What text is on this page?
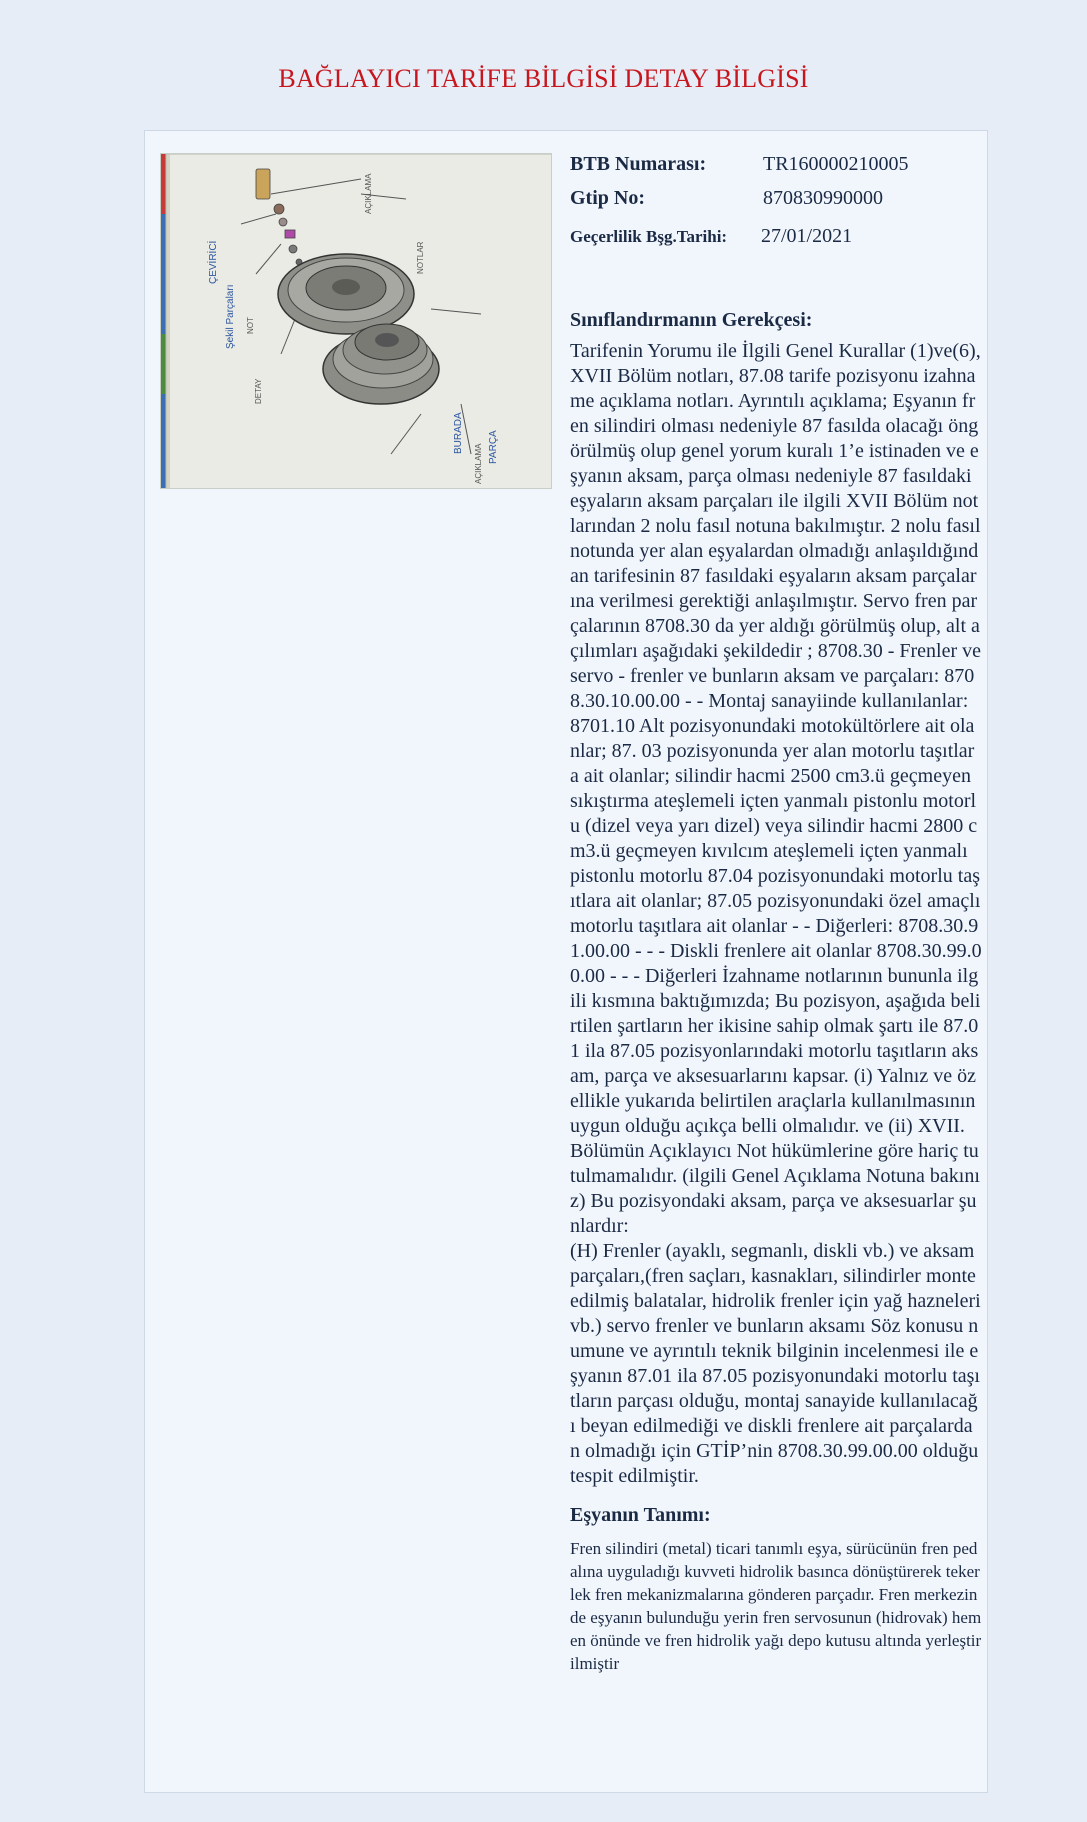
BAĞLAYICI TARİFE BİLGİSİ DETAY BİLGİSİ
ÇEVİRİCİ
Şekil Parçaları
BURADA PARÇA
AÇIKLAMA
NOT
DETAY
NOTLAR
AÇIKLAMA
BTB Numarası:	TR160000210005
Gtip No:	870830990000
Geçerlilik Bşg.Tarihi: 27/01/2021
Sınıflandırmanın Gerekçesi:
Tarifenin Yorumu ile İlgili Genel Kurallar (1)ve(6), XVII Bölüm notları, 87.08 tarife pozisyonu izahname açıklama notları. Ayrıntılı açıklama; Eşyanın fren silindiri olması nedeniyle 87 fasılda olacağı öngörülmüş olup genel yorum kuralı 1’e istinaden ve eşyanın aksam, parça olması nedeniyle 87 fasıldaki eşyaların aksam parçaları ile ilgili XVII Bölüm notlarından 2 nolu fasıl notuna bakılmıştır. 2 nolu fasıl notunda yer alan eşyalardan olmadığı anlaşıldığından tarifesinin 87 fasıldaki eşyaların aksam parçalarına verilmesi gerektiği anlaşılmıştır. Servo fren parçalarının 8708.30 da yer aldığı görülmüş olup, alt açılımları aşağıdaki şekildedir ; 8708.30 - Frenler ve servo - frenler ve bunların aksam ve parçaları: 8708.30.10.00.00 - - Montaj sanayiinde kullanılanlar: 8701.10 Alt pozisyonundaki motokültörlere ait olanlar; 87. 03 pozisyonunda yer alan motorlu taşıtlara ait olanlar; silindir hacmi 2500 cm3.ü geçmeyen sıkıştırma ateşlemeli içten yanmalı pistonlu motorlu (dizel veya yarı dizel) veya silindir hacmi 2800 cm3.ü geçmeyen kıvılcım ateşlemeli içten yanmalı pistonlu motorlu 87.04 pozisyonundaki motorlu taşıtlara ait olanlar; 87.05 pozisyonundaki özel amaçlı motorlu taşıtlara ait olanlar - - Diğerleri: 8708.30.91.00.00 - - - Diskli frenlere ait olanlar 8708.30.99.00.00 - - - Diğerleri İzahname notlarının bununla ilgili kısmına baktığımızda; Bu pozisyon, aşağıda belirtilen şartların her ikisine sahip olmak şartı ile 87.01 ila 87.05 pozisyonlarındaki motorlu taşıtların aksam, parça ve aksesuarlarını kapsar. (i) Yalnız ve özellikle yukarıda belirtilen araçlarla kullanılmasının uygun olduğu açıkça belli olmalıdır. ve (ii) XVII. Bölümün Açıklayıcı Not hükümlerine göre hariç tutulmamalıdır. (ilgili Genel Açıklama Notuna bakınız) Bu pozisyondaki aksam, parça ve aksesuarlar şunlardır:
(H) Frenler (ayaklı, segmanlı, diskli vb.) ve aksam parçaları,(fren saçları, kasnakları, silindirler monte edilmiş balatalar, hidrolik frenler için yağ hazneleri vb.) servo frenler ve bunların aksamı Söz konusu numune ve ayrıntılı teknik bilginin incelenmesi ile eşyanın 87.01 ila 87.05 pozisyonundaki motorlu taşıtların parçası olduğu, montaj sanayide kullanılacağı beyan edilmediği ve diskli frenlere ait parçalardan olmadığı için GTİP’nin 8708.30.99.00.00 olduğu tespit edilmiştir.
Eşyanın Tanımı:
Fren silindiri (metal) ticari tanımlı eşya, sürücünün fren pedalına uyguladığı kuvveti hidrolik basınca dönüştürerek tekerlek fren mekanizmalarına gönderen parçadır. Fren merkezinde eşyanın bulunduğu yerin fren servosunun (hidrovak) hemen önünde ve fren hidrolik yağı depo kutusu altında yerleştirilmiştir
